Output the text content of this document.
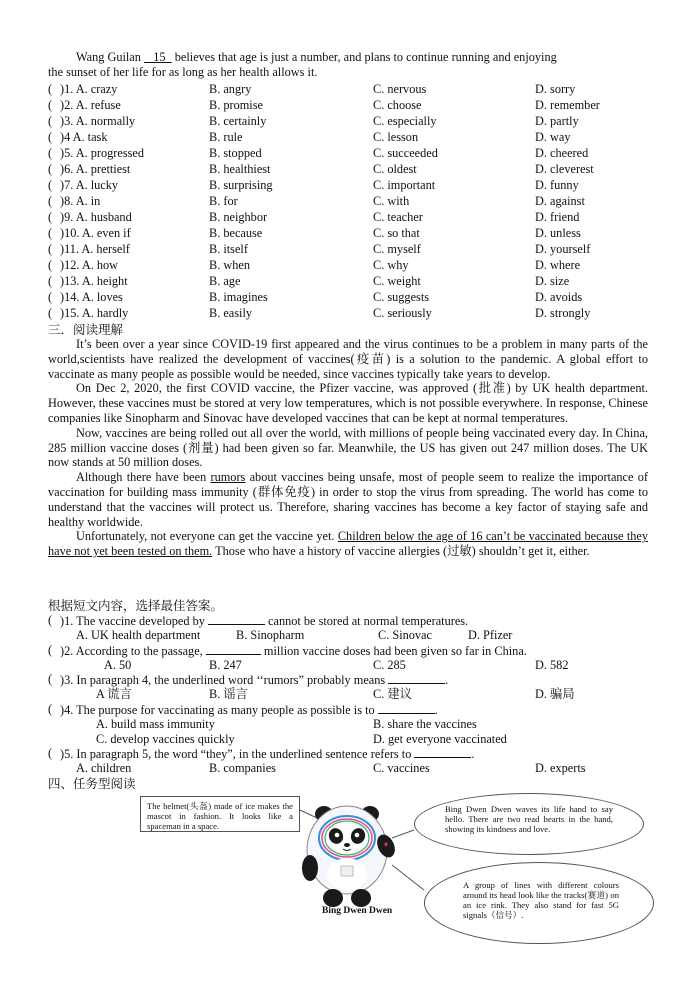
Wang Guilan 15 believes that age is just a number, and plans to continue running and enjoying
the sunset of her life for as long as her health allows it.
( )1. A. crazy	B. angry	C. nervous	D. sorry
( )2. A. refuse	B. promise	C. choose	D. remember
( )3. A. normally	B. certainly	C. especially	D. partly
( )4 A. task	B. rule	C. lesson	D. way
( )5. A. progressed	B. stopped	C. succeeded	D. cheered
( )6. A. prettiest	B. healthiest	C. oldest	D. cleverest
( )7. A. lucky	B. surprising	C. important	D. funny
( )8. A. in	B. for	C. with	D. against
( )9. A. husband	B. neighbor	C. teacher	D. friend
( )10. A. even if	B. because	C. so that	D. unless
( )11. A. herself	B. itself	C. myself	D. yourself
( )12. A. how	B. when	C. why	D. where
( )13. A. height	B. age	C. weight	D. size
( )14. A. loves	B. imagines	C. suggests	D. avoids
( )15. A. hardly	B. easily	C. seriously	D. strongly
三．阅读理解
It’s been over a year since COVID-19 first appeared and the virus continues to be a problem in many parts of the world,scientists have realized the development of vaccines(疫苗) is a solution to the pandemic. A global effort to vaccinate as many people as possible would be needed, since vaccines typically take years to develop.
On Dec 2, 2020, the first COVID vaccine, the Pfizer vaccine, was approved (批准) by UK health department. However, these vaccines must be stored at very low temperatures, which is not possible everywhere. In response, Chinese companies like Sinopharm and Sinovac have developed vaccines that can be kept at normal temperatures.
Now, vaccines are being rolled out all over the world, with millions of people being vaccinated every day. In China, 285 million vaccine doses (剂量) had been given so far. Meanwhile, the US has given out 247 million doses. The UK now stands at 50 million doses.
Although there have been rumors about vaccines being unsafe, most of people seem to realize the importance of vaccination for building mass immunity (群体免疫) in order to stop the virus from spreading. The world has come to understand that the vaccines will protect us. Therefore, sharing vaccines has become a key factor of staying safe and healthy worldwide.
Unfortunately, not everyone can get the vaccine yet. Children below the age of 16 can’t be vaccinated because they have not yet been tested on them. Those who have a history of vaccine allergies (过敏) shouldn’t get it, either.
根据短文内容，选择最佳答案。
( )1. The vaccine developed by	cannot be stored at normal temperatures.
A. UK health department	B. Sinopharm	C. Sinovac	D. Pfizer
( )2. According to the passage,	million vaccine doses had been given so far in China.
A. 50	B. 247	C. 285	D. 582
( )3. In paragraph 4, the underlined word ‘‘rumors” probably means	.
A 谎言	B. 谣言	C. 建议	D. 骗局
( )4. The purpose for vaccinating as many people as possible is to	.
A. build mass immunity	B. share the vaccines
C. develop vaccines quickly	D. get everyone vaccinated
( )5. In paragraph 5, the word “they”, in the underlined sentence refers to	.
A. children	B. companies	C. vaccines	D. experts
四、任务型阅读
The helmet(头盔) made of ice makes the mascot in fashion. It looks like a spaceman in a space.
Bing Dwen Dwen waves its life hand to say hello. There are two read hearts in the hand, showing its kindness and love.
A group of lines with different colours around its head look like the tracks(赛道) on an ice rink. They also stand for fast 5G signals（信号）.
Bing Dwen Dwen
